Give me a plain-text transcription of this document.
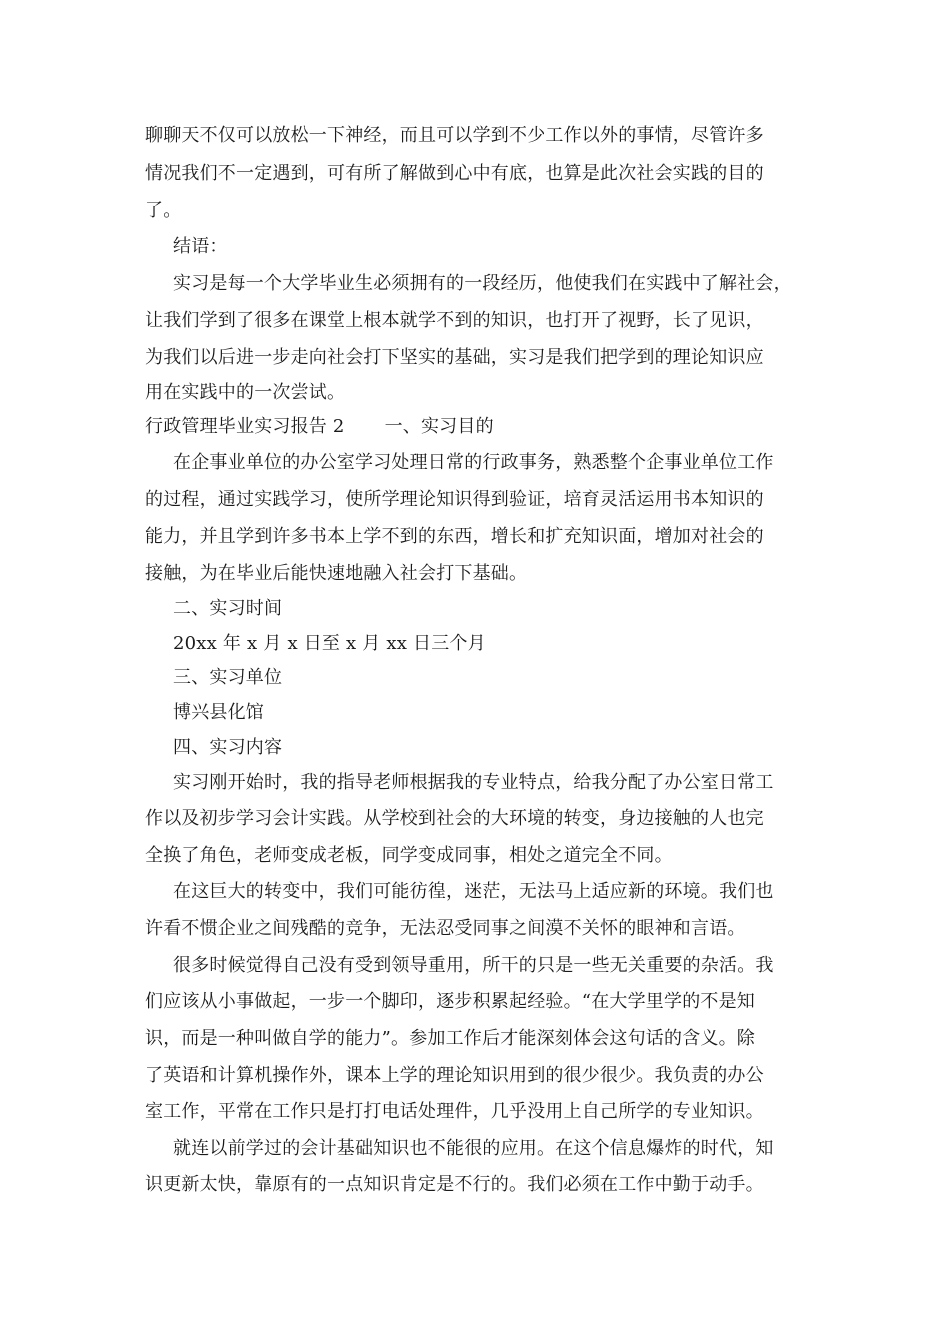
聊聊天不仅可以放松一下神经，而且可以学到不少工作以外的事情，尽管许多
情况我们不一定遇到，可有所了解做到心中有底，也算是此次社会实践的目的
了。
结语：
实习是每一个大学毕业生必须拥有的一段经历，他使我们在实践中了解社会，
让我们学到了很多在课堂上根本就学不到的知识，也打开了视野，长了见识，
为我们以后进一步走向社会打下坚实的基础，实习是我们把学到的理论知识应
用在实践中的一次尝试。
行政管理毕业实习报告 2 一、实习目的
在企事业单位的办公室学习处理日常的行政事务，熟悉整个企事业单位工作
的过程，通过实践学习，使所学理论知识得到验证，培育灵活运用书本知识的
能力，并且学到许多书本上学不到的东西，增长和扩充知识面，增加对社会的
接触，为在毕业后能快速地融入社会打下基础。
二、实习时间
20xx 年 x 月 x 日至 x 月 xx 日三个月
三、实习单位
博兴县化馆
四、实习内容
实习刚开始时，我的指导老师根据我的专业特点，给我分配了办公室日常工
作以及初步学习会计实践。从学校到社会的大环境的转变，身边接触的人也完
全换了角色，老师变成老板，同学变成同事，相处之道完全不同。
在这巨大的转变中，我们可能彷徨，迷茫，无法马上适应新的环境。我们也
许看不惯企业之间残酷的竞争，无法忍受同事之间漠不关怀的眼神和言语。
很多时候觉得自己没有受到领导重用，所干的只是一些无关重要的杂活。我
们应该从小事做起，一步一个脚印，逐步积累起经验。“在大学里学的不是知
识，而是一种叫做自学的能力”。参加工作后才能深刻体会这句话的含义。除
了英语和计算机操作外，课本上学的理论知识用到的很少很少。我负责的办公
室工作，平常在工作只是打打电话处理件，几乎没用上自己所学的专业知识。
就连以前学过的会计基础知识也不能很的应用。在这个信息爆炸的时代，知
识更新太快，靠原有的一点知识肯定是不行的。我们必须在工作中勤于动手。
